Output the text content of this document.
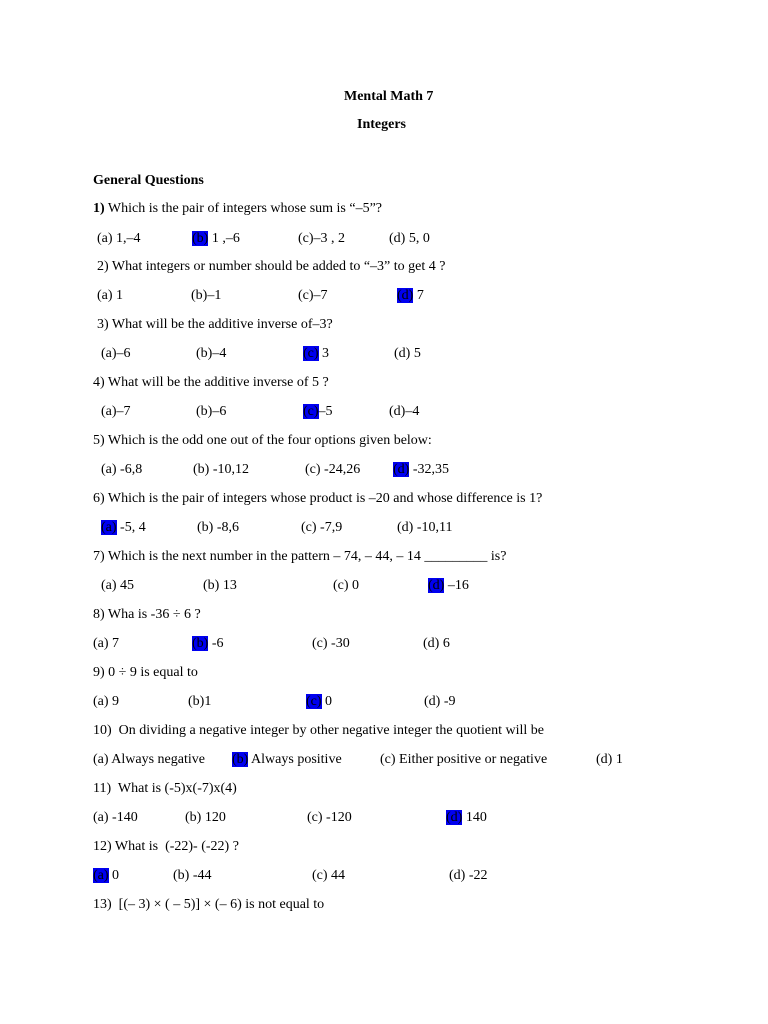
Mental Math 7
Integers
General Questions
1) Which is the pair of integers whose sum is “–5”?
(a) 1,–4	(b) 1 ,–6	(c)–3 , 2	(d) 5, 0
2) What integers or number should be added to “–3” to get 4 ?
(a) 1	(b)–1	(c)–7	(d) 7
3) What will be the additive inverse of–3?
(a)–6	(b)–4	(c) 3	(d) 5
4) What will be the additive inverse of 5 ?
(a)–7	(b)–6	(c)–5	(d)–4
5) Which is the odd one out of the four options given below:
(a) -6,8	(b) -10,12	(c) -24,26 (d) -32,35
6) Which is the pair of integers whose product is –20 and whose difference is 1?
(a) -5, 4	(b) -8,6	(c) -7,9	(d) -10,11
7) Which is the next number in the pattern – 74, – 44, – 14 _________ is?
(a) 45	(b) 13	(c) 0	(d) –16
8) Wha is -36 ÷ 6 ?
(a) 7	(b) -6	(c) -30	(d) 6
9) 0 ÷ 9 is equal to
(a) 9	(b)1	(c) 0	(d) -9
10)  On dividing a negative integer by other negative integer the quotient will be
(a) Always negative (b) Always positive	(c) Either positive or negative	(d) 1
11)  What is (-5)x(-7)x(4)
(a) -140	(b) 120	(c) -120	(d) 140
12) What is  (-22)- (-22) ?
(a) 0	(b) -44	(c) 44	(d) -22
13)  [(– 3) × ( – 5)] × (– 6) is not equal to
